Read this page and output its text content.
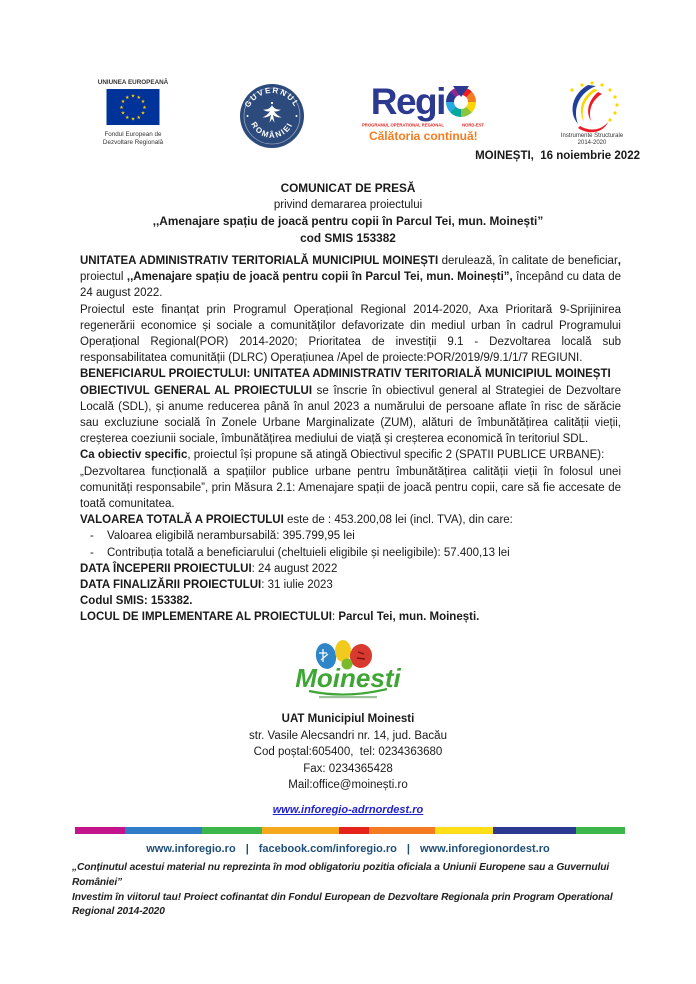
UNIUNEA EUROPEANĂ
★ ★
★
★
★
★
★
★
★
★
★
★
Fondul European de
Dezvoltare Regională
GUVERNUL
ROMÂNIEI
Regi
PROGRAMUL OPERATIONAL REGIONAL	NORD-EST
Călătoria continuă!	Instrumente Structurale
2014-2020
MOINEȘTI,  16 noiembrie 2022
COMUNICAT DE PRESĂ
privind demararea proiectului
,,Amenajare spațiu de joacă pentru copii în Parcul Tei, mun. Moinești”
cod SMIS 153382

UNITATEA ADMINISTRATIV TERITORIALĂ MUNICIPIUL MOINEȘTI derulează, în calitate de beneficiar, proiectul ,,Amenajare spațiu de joacă pentru copii în Parcul Tei, mun. Moinești”, începând cu data de 24 august 2022.

Proiectul este finanțat prin Programul Operațional Regional 2014-2020, Axa Prioritară 9-Sprijinirea regenerării economice și sociale a comunităților defavorizate din mediul urban în cadrul Programului Operațional Regional(POR) 2014-2020; Prioritatea de investiții 9.1 - Dezvoltarea locală sub responsabilitatea comunității (DLRC) Operațiunea /Apel de proiecte:POR/2019/9/9.1/1/7 REGIUNI.

BENEFICIARUL PROIECTULUI: UNITATEA ADMINISTRATIV TERITORIALĂ MUNICIPIUL MOINEȘTI

OBIECTIVUL GENERAL AL PROIECTULUI se înscrie în obiectivul general al Strategiei de Dezvoltare Locală (SDL), și anume reducerea până în anul 2023 a numărului de persoane aflate în risc de sărăcie sau excluziune socială în Zonele Urbane Marginalizate (ZUM), alături de îmbunătățirea calității vieții, creșterea coeziunii sociale, îmbunătățirea mediului de viață și creșterea economică în teritoriul SDL.

Ca obiectiv specific, proiectul își propune să atingă Obiectivul specific 2 (SPATII PUBLICE URBANE):

„Dezvoltarea funcțională a spațiilor publice urbane pentru îmbunătățirea calității vieții în folosul unei comunități responsabile”, prin Măsura 2.1: Amenajare spații de joacă pentru copii, care să fie accesate de toată comunitatea.

VALOAREA TOTALĂ A PROIECTULUI este de : 453.200,08 lei (incl. TVA), din care:

- Valoarea eligibilă nerambursabilă: 395.799,95 lei

- Contribuția totală a beneficiarului (cheltuieli eligibile și neeligibile): 57.400,13 lei

DATA ÎNCEPERII PROIECTULUI: 24 august 2022

DATA FINALIZĂRII PROIECTULUI: 31 iulie 2023

Codul SMIS: 153382.

LOCUL DE IMPLEMENTARE AL PROIECTULUI: Parcul Tei, mun. Moinești.

Moinesti
UAT Municipiul Moinesti
str. Vasile Alecsandri nr. 14, jud. Bacău
Cod poștal:605400,  tel: 0234363680
Fax: 0234365428
Mail:office@moinești.ro
www.inforegio-adrnordest.ro
www.inforegio.ro | facebook.com/inforegio.ro | www.inforegionordest.ro

„Conținutul acestui material nu reprezinta în mod obligatoriu pozitia oficiala a Uniunii Europene sau a Guvernului României”

Investim în viitorul tau! Proiect cofinantat din Fondul European de Dezvoltare Regionala prin Program Operational Regional 2014-2020
